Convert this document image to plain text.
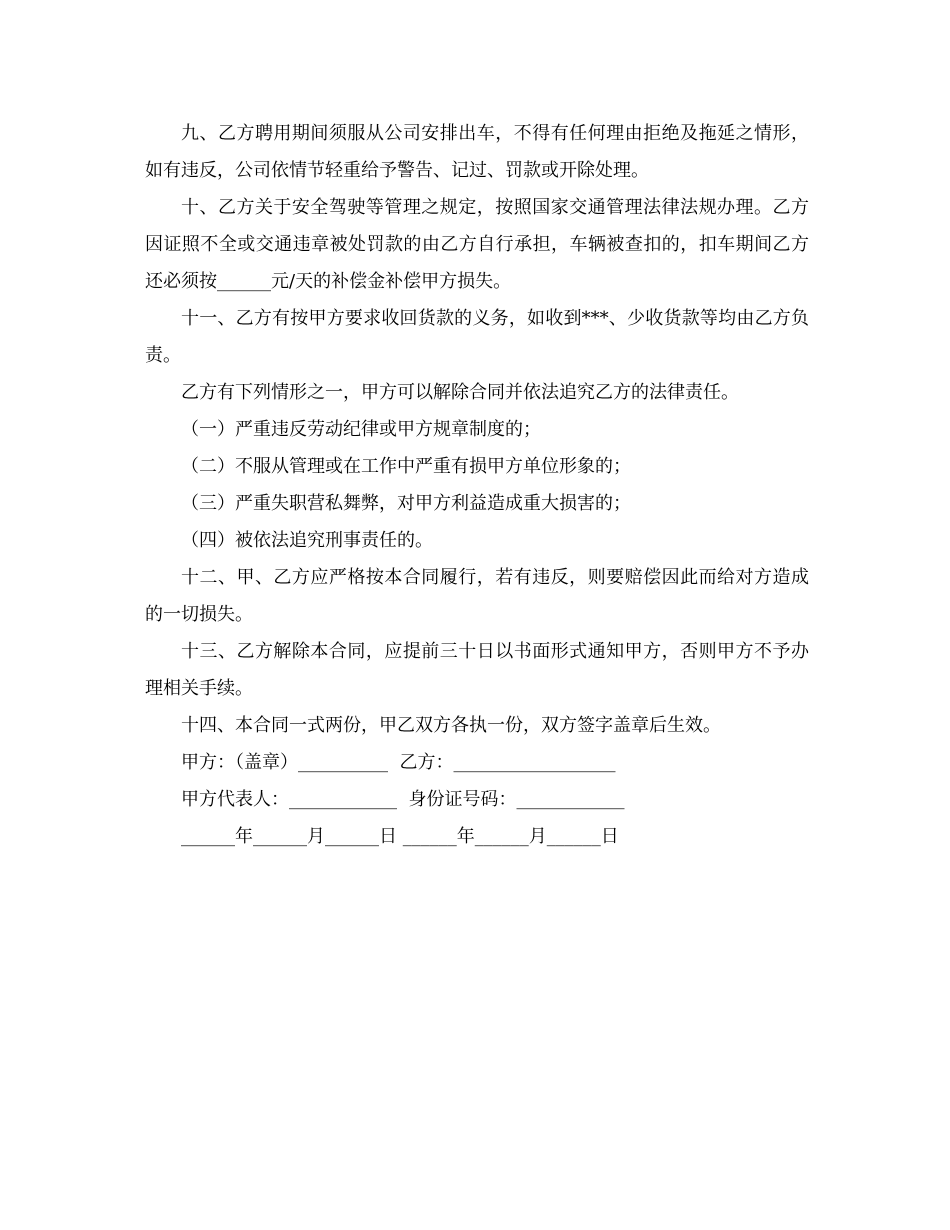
九、乙方聘用期间须服从公司安排出车，不得有任何理由拒绝及拖延之情形，如有违反，公司依情节轻重给予警告、记过、罚款或开除处理。

十、乙方关于安全驾驶等管理之规定，按照国家交通管理法律法规办理。乙方因证照不全或交通违章被处罚款的由乙方自行承担，车辆被查扣的，扣车期间乙方还必须按______元/天的补偿金补偿甲方损失。

十一、乙方有按甲方要求收回货款的义务，如收到***、少收货款等均由乙方负责。

乙方有下列情形之一，甲方可以解除合同并依法追究乙方的法律责任。

（一）严重违反劳动纪律或甲方规章制度的；

（二）不服从管理或在工作中严重有损甲方单位形象的；

（三）严重失职营私舞弊，对甲方利益造成重大损害的；

（四）被依法追究刑事责任的。

十二、甲、乙方应严格按本合同履行，若有违反，则要赔偿因此而给对方造成的一切损失。

十三、乙方解除本合同，应提前三十日以书面形式通知甲方，否则甲方不予办理相关手续。

十四、本合同一式两份，甲乙双方各执一份，双方签字盖章后生效。

甲方：（盖章）__________  乙方：__________________

甲方代表人：____________  身份证号码：____________

______年______月______日 ______年______月______日
